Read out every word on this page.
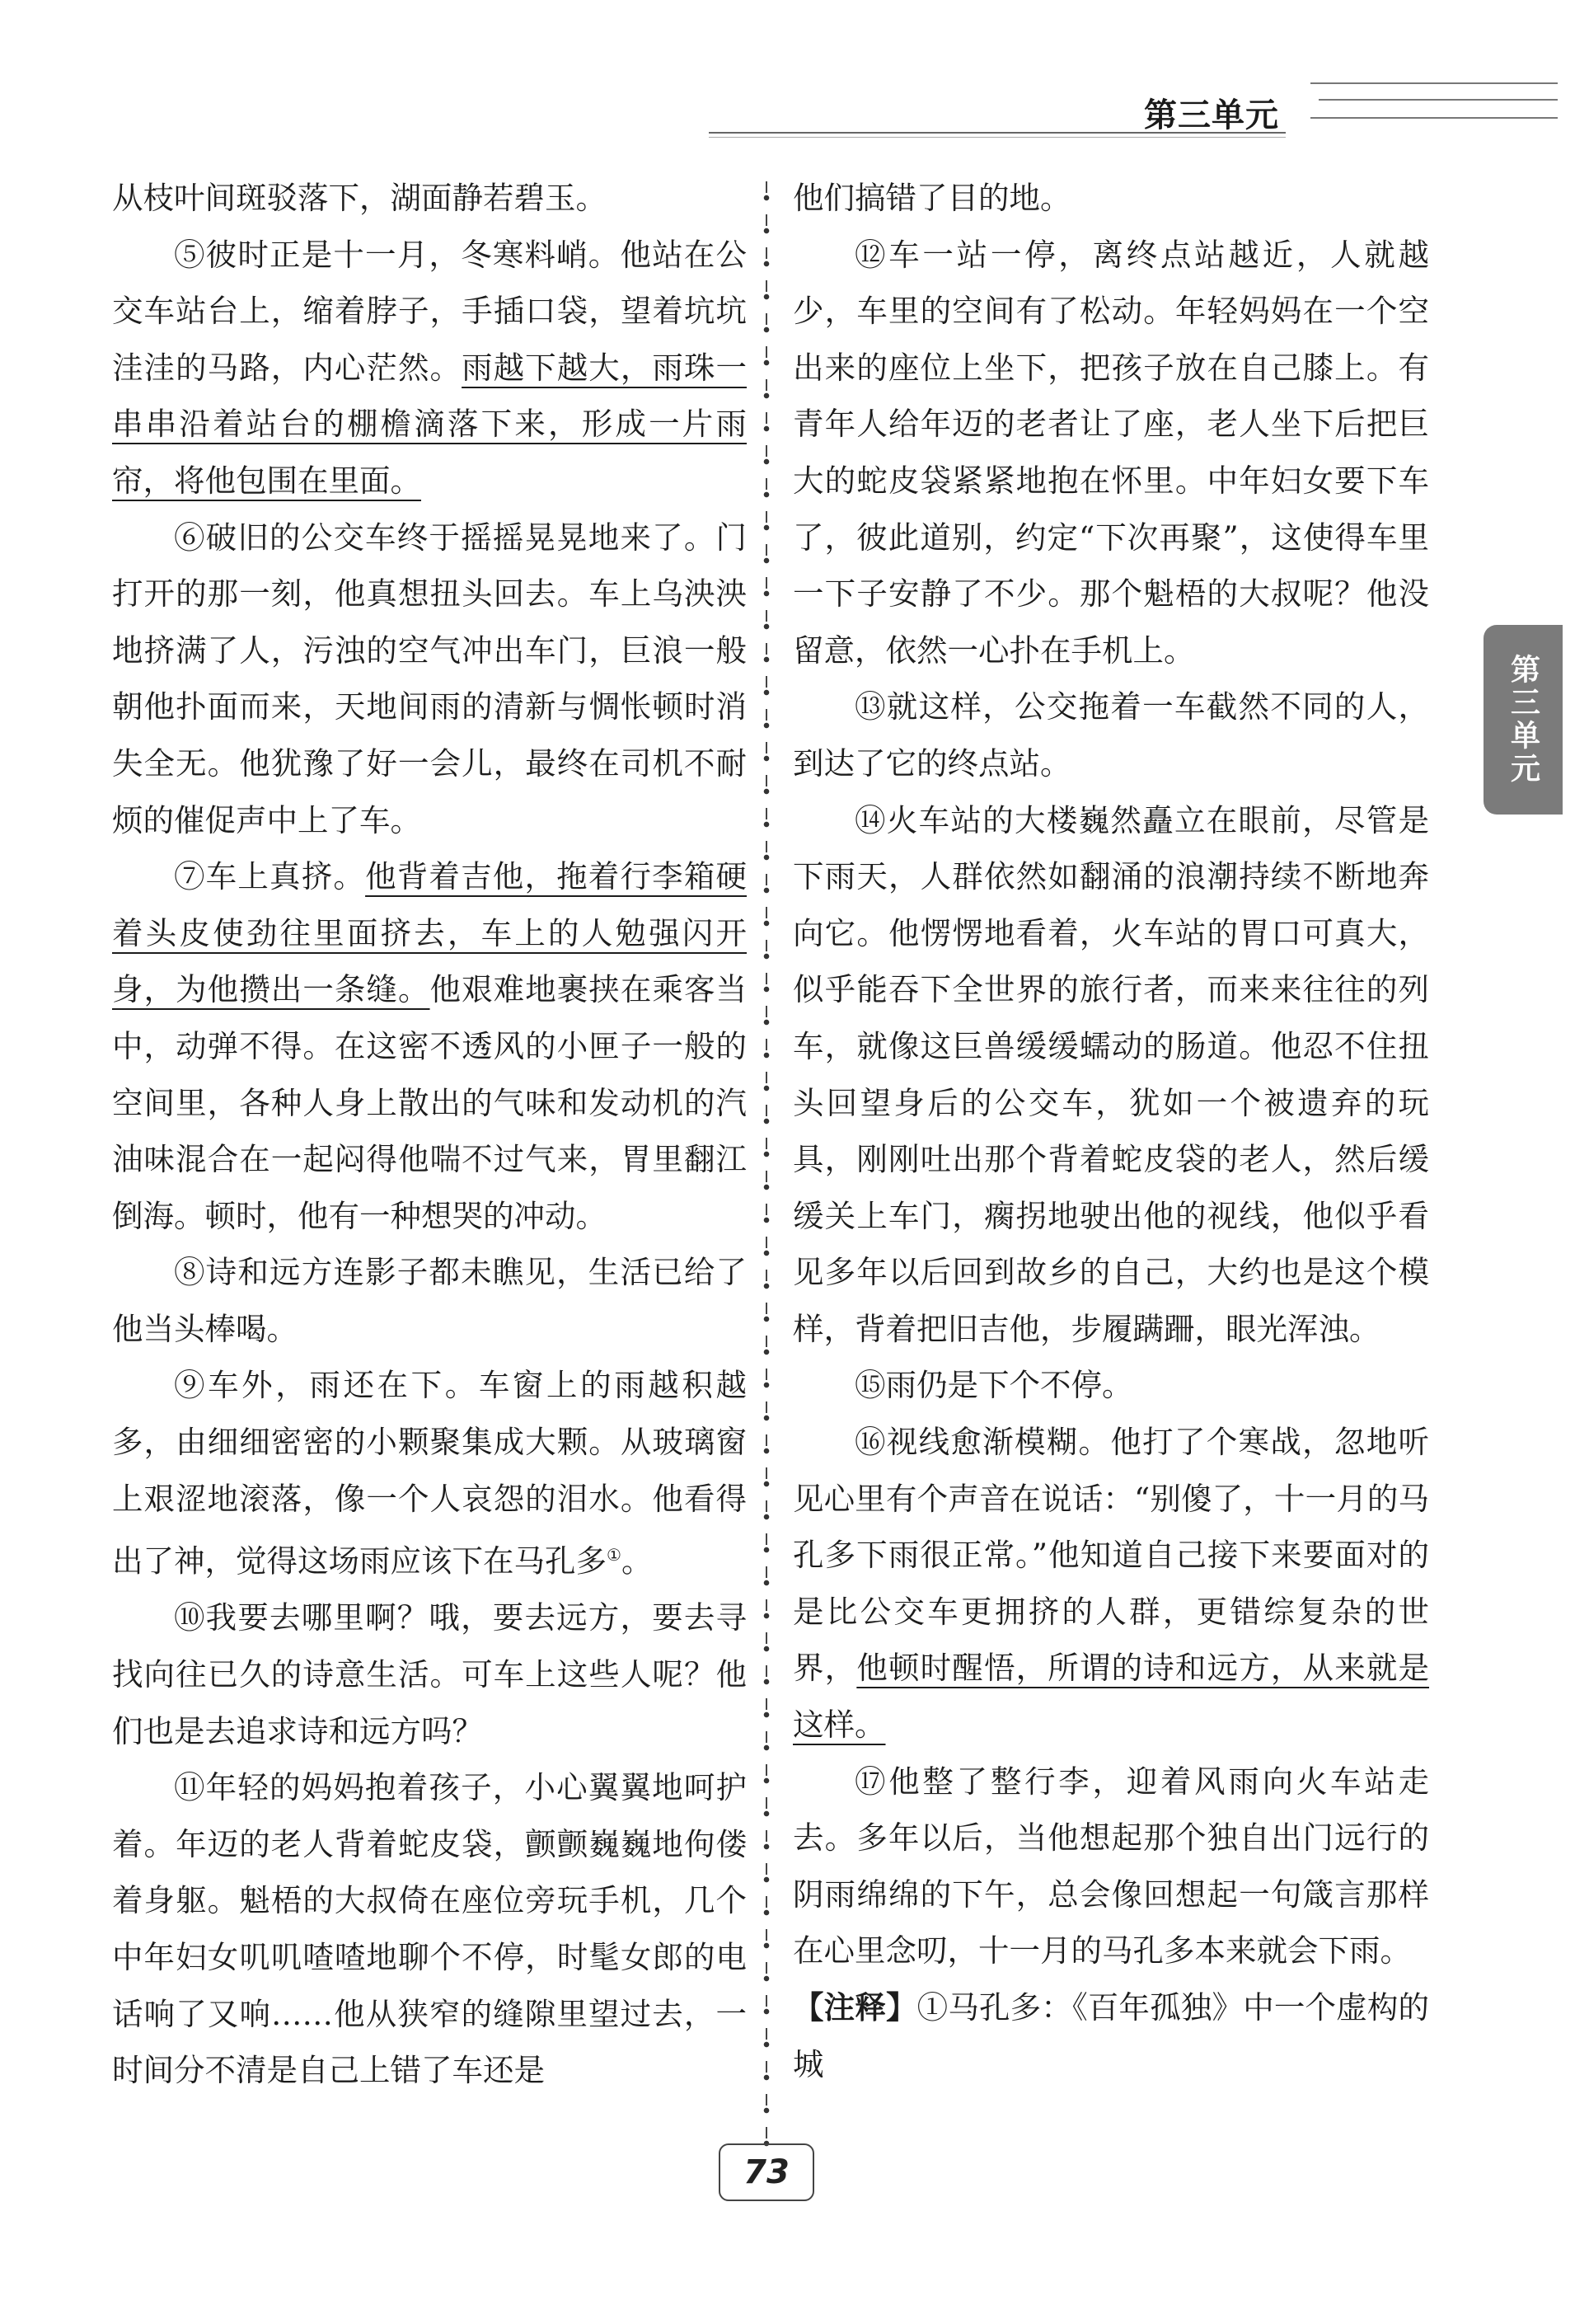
第三单元
第三单元

从枝叶间斑驳落下，湖面静若碧玉。

⑤彼时正是十一月，冬寒料峭。他站在公交车站台上，缩着脖子，手插口袋，望着坑坑洼洼的马路，内心茫然。雨越下越大，雨珠一串串沿着站台的棚檐滴落下来，形成一片雨帘，将他包围在里面。

⑥破旧的公交车终于摇摇晃晃地来了。门打开的那一刻，他真想扭头回去。车上乌泱泱地挤满了人，污浊的空气冲出车门，巨浪一般朝他扑面而来，天地间雨的清新与惆怅顿时消失全无。他犹豫了好一会儿，最终在司机不耐烦的催促声中上了车。

⑦车上真挤。他背着吉他，拖着行李箱硬着头皮使劲往里面挤去，车上的人勉强闪开身，为他攒出一条缝。他艰难地裹挟在乘客当中，动弹不得。在这密不透风的小匣子一般的空间里，各种人身上散出的气味和发动机的汽油味混合在一起闷得他喘不过气来，胃里翻江倒海。顿时，他有一种想哭的冲动。

⑧诗和远方连影子都未瞧见，生活已给了他当头棒喝。

⑨车外，雨还在下。车窗上的雨越积越多，由细细密密的小颗聚集成大颗。从玻璃窗上艰涩地滚落，像一个人哀怨的泪水。他看得出了神，觉得这场雨应该下在马孔多①。

⑩我要去哪里啊？哦，要去远方，要去寻找向往已久的诗意生活。可车上这些人呢？他们也是去追求诗和远方吗？

⑪年轻的妈妈抱着孩子，小心翼翼地呵护着。年迈的老人背着蛇皮袋，颤颤巍巍地佝偻着身躯。魁梧的大叔倚在座位旁玩手机，几个中年妇女叽叽喳喳地聊个不停，时髦女郎的电话响了又响……他从狭窄的缝隙里望过去，一时间分不清是自己上错了车还是

他们搞错了目的地。

⑫车一站一停，离终点站越近，人就越少，车里的空间有了松动。年轻妈妈在一个空出来的座位上坐下，把孩子放在自己膝上。有青年人给年迈的老者让了座，老人坐下后把巨大的蛇皮袋紧紧地抱在怀里。中年妇女要下车了，彼此道别，约定“下次再聚”，这使得车里一下子安静了不少。那个魁梧的大叔呢？他没留意，依然一心扑在手机上。

⑬就这样，公交拖着一车截然不同的人，到达了它的终点站。

⑭火车站的大楼巍然矗立在眼前，尽管是下雨天，人群依然如翻涌的浪潮持续不断地奔向它。他愣愣地看着，火车站的胃口可真大，似乎能吞下全世界的旅行者，而来来往往的列车，就像这巨兽缓缓蠕动的肠道。他忍不住扭头回望身后的公交车，犹如一个被遗弃的玩具，刚刚吐出那个背着蛇皮袋的老人，然后缓缓关上车门，瘸拐地驶出他的视线，他似乎看见多年以后回到故乡的自己，大约也是这个模样，背着把旧吉他，步履蹒跚，眼光浑浊。

⑮雨仍是下个不停。

⑯视线愈渐模糊。他打了个寒战，忽地听见心里有个声音在说话：“别傻了，十一月的马孔多下雨很正常。”他知道自己接下来要面对的是比公交车更拥挤的人群，更错综复杂的世界，他顿时醒悟，所谓的诗和远方，从来就是这样。

⑰他整了整行李，迎着风雨向火车站走去。多年以后，当他想起那个独自出门远行的阴雨绵绵的下午，总会像回想起一句箴言那样在心里念叨，十一月的马孔多本来就会下雨。

【注释】①马孔多：《百年孤独》中一个虚构的城

73
